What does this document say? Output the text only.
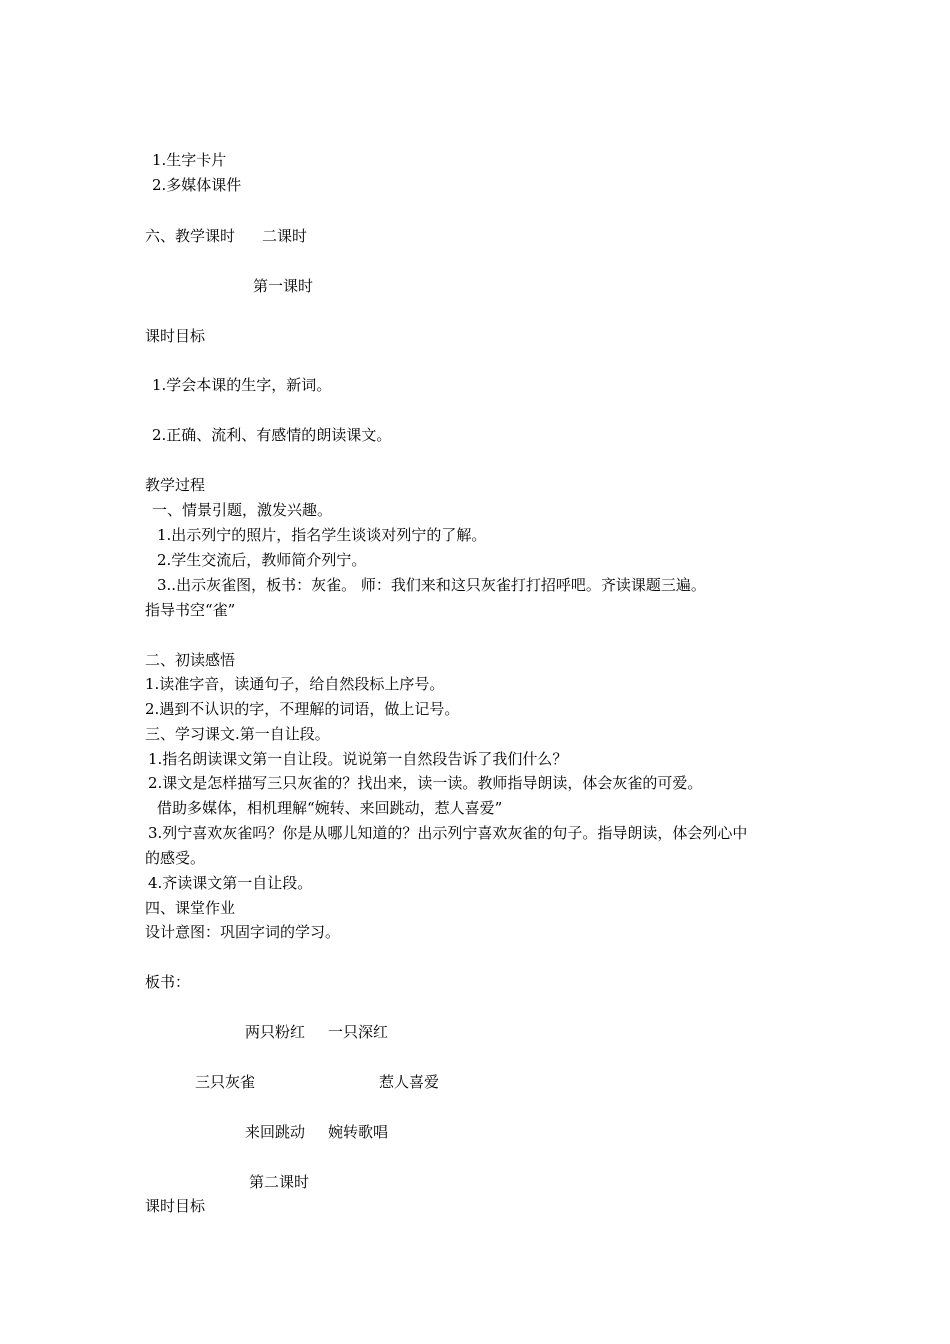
1.生字卡片
2.多媒体课件
六、教学课时 二课时
第一课时
课时目标
1.学会本课的生字，新词。
2.正确、流利、有感情的朗读课文。
教学过程
一、情景引题，激发兴趣。
1.出示列宁的照片，指名学生谈谈对列宁的了解。
2.学生交流后，教师简介列宁。
3..出示灰雀图，板书：灰雀。 师：我们来和这只灰雀打打招呼吧。齐读课题三遍。
指导书空“雀”
二、初读感悟
1.读准字音，读通句子，给自然段标上序号。
2.遇到不认识的字，不理解的词语，做上记号。
三、学习课文.第一自让段。
1.指名朗读课文第一自让段。说说第一自然段告诉了我们什么？
2.课文是怎样描写三只灰雀的？找出来，读一读。教师指导朗读，体会灰雀的可爱。
借助多媒体，相机理解“婉转、来回跳动，惹人喜爱”
3.列宁喜欢灰雀吗？你是从哪儿知道的？出示列宁喜欢灰雀的句子。指导朗读，体会列心中
的感受。
4.齐读课文第一自让段。
四、课堂作业
设计意图：巩固字词的学习。
板书：
两只粉红 一只深红
三只灰雀	惹人喜爱
来回跳动 婉转歌唱
第二课时
课时目标
